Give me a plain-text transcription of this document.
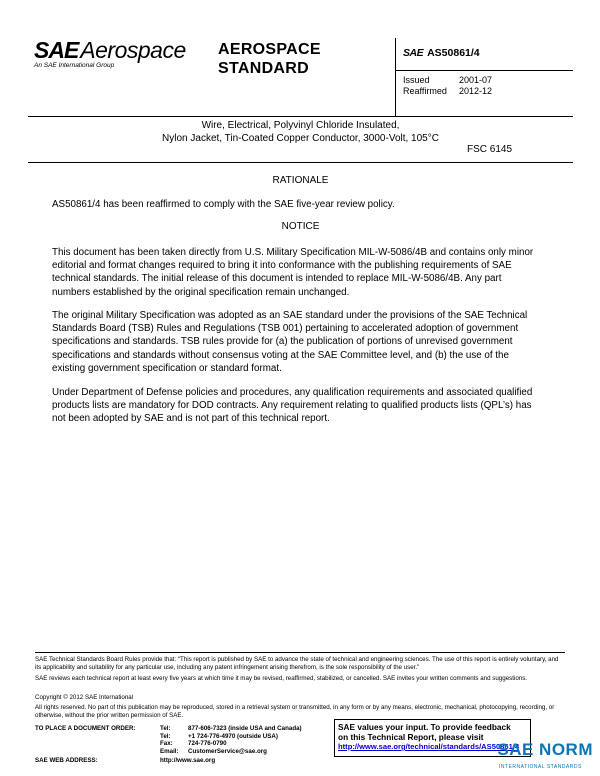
SAEAerospace
An SAE International Group
AEROSPACE
STANDARD
SAE AS50861/4
Issued	2001-07
Reaffirmed 2012-12
Wire, Electrical, Polyvinyl Chloride Insulated,
Nylon Jacket, Tin-Coated Copper Conductor, 3000-Volt, 105°C
FSC 6145
RATIONALE
AS50861/4 has been reaffirmed to comply with the SAE five-year review policy.
NOTICE
This document has been taken directly from U.S. Military Specification MIL-W-5086/4B and contains only minor editorial and format changes required to bring it into conformance with the publishing requirements of SAE technical standards. The initial release of this document is intended to replace MIL-W-5086/4B. Any part numbers established by the original specification remain unchanged.
The original Military Specification was adopted as an SAE standard under the provisions of the SAE Technical Standards Board (TSB) Rules and Regulations (TSB 001) pertaining to accelerated adoption of government specifications and standards. TSB rules provide for (a) the publication of portions of unrevised government specifications and standards without consensus voting at the SAE Committee level, and (b) the use of the existing government specification or standard format.
Under Department of Defense policies and procedures, any qualification requirements and associated qualified products lists are mandatory for DOD contracts. Any requirement relating to qualified products lists (QPL’s) has not been adopted by SAE and is not part of this technical report.
SAE Technical Standards Board Rules provide that: “This report is published by SAE to advance the state of technical and engineering sciences. The use of this report is entirely voluntary, and its applicability and suitability for any particular use, including any patent infringement arising therefrom, is the sole responsibility of the user.”
SAE reviews each technical report at least every five years at which time it may be revised, reaffirmed, stabilized, or cancelled. SAE invites your written comments and suggestions.
Copyright © 2012 SAE International
All rights reserved. No part of this publication may be reproduced, stored in a retrieval system or transmitted, in any form or by any means, electronic, mechanical, photocopying, recording, or otherwise, without the prior written permission of SAE.
TO PLACE A DOCUMENT ORDER:	Tel:	877-606-7323 (inside USA and Canada)
Tel:	+1 724-776-4970 (outside USA)
Fax: 724-776-0790
Email: CustomerService@sae.org
SAE WEB ADDRESS:	http://www.sae.org
SAE values your input. To provide feedback
on this Technical Report, please visit
http://www.sae.org/technical/standards/AS50861/4
SAE NORM
INTERNATIONAL STANDARDS
